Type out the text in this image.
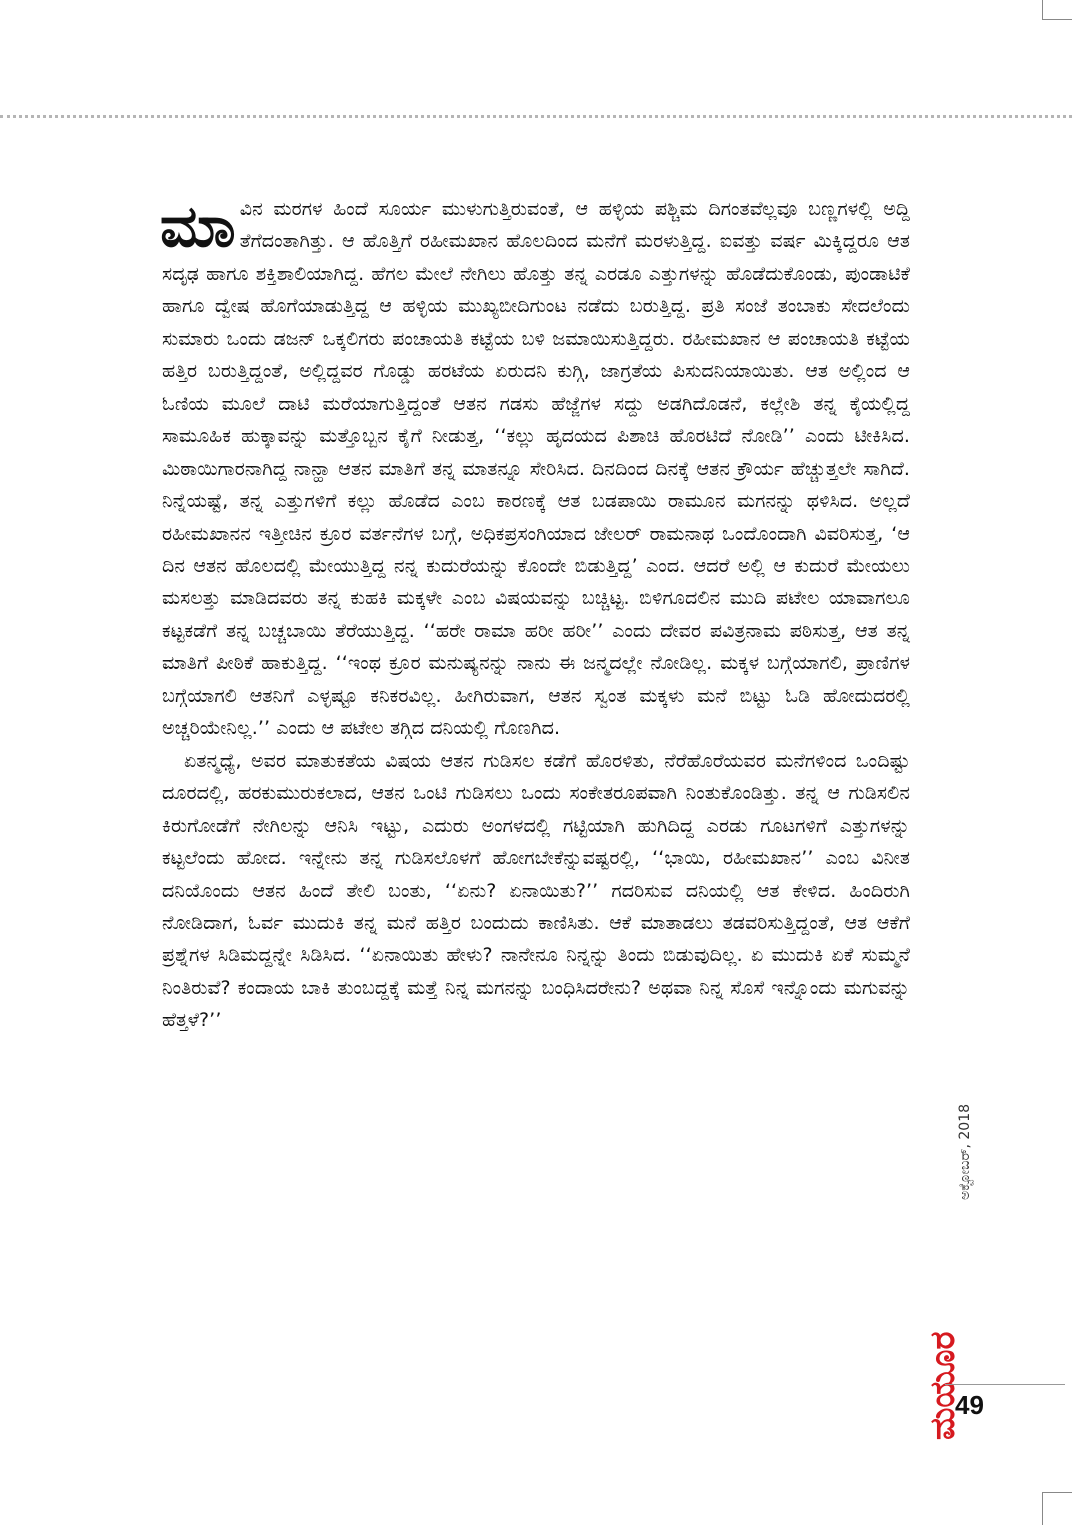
ಮಾ ವಿನ ಮರಗಳ ಹಿಂದೆ ಸೂರ್ಯ ಮುಳುಗುತ್ತಿರುವಂತೆ, ಆ ಹಳ್ಳಿಯ ಪಶ್ಚಿಮ ದಿಗಂತವೆಲ್ಲವೂ ಬಣ್ಣಗಳಲ್ಲಿ ಅದ್ದಿ ತೆಗೆದಂತಾಗಿತ್ತು. ಆ ಹೊತ್ತಿಗೆ ರಹೀಮಖಾನ ಹೊಲದಿಂದ ಮನೆಗೆ ಮರಳುತ್ತಿದ್ದ. ಐವತ್ತು ವರ್ಷ ಮಿಕ್ಕಿದ್ದರೂ ಆತ ಸದೃಢ ಹಾಗೂ ಶಕ್ತಿಶಾಲಿಯಾಗಿದ್ದ. ಹೆಗಲ ಮೇಲೆ ನೇಗಿಲು ಹೊತ್ತು ತನ್ನ ಎರಡೂ ಎತ್ತುಗಳನ್ನು ಹೊಡೆದುಕೊಂಡು, ಪುಂಡಾಟಿಕೆ ಹಾಗೂ ದ್ವೇಷ ಹೊಗೆಯಾಡುತ್ತಿದ್ದ ಆ ಹಳ್ಳಿಯ ಮುಖ್ಯಬೀದಿಗುಂಟ ನಡೆದು ಬರುತ್ತಿದ್ದ. ಪ್ರತಿ ಸಂಜೆ ತಂಬಾಕು ಸೇದಲೆಂದು ಸುಮಾರು ಒಂದು ಡಜನ್ ಒಕ್ಕಲಿಗರು ಪಂಚಾಯತಿ ಕಟ್ಟೆಯ ಬಳಿ ಜಮಾಯಿಸುತ್ತಿದ್ದರು. ರಹೀಮಖಾನ ಆ ಪಂಚಾಯತಿ ಕಟ್ಟೆಯ ಹತ್ತಿರ ಬರುತ್ತಿದ್ದಂತೆ, ಅಲ್ಲಿದ್ದವರ ಗೊಡ್ಡು ಹರಟೆಯ ಏರುದನಿ ಕುಗ್ಗಿ, ಜಾಗ್ರತೆಯ ಪಿಸುದನಿಯಾಯಿತು. ಆತ ಅಲ್ಲಿಂದ ಆ ಓಣಿಯ ಮೂಲೆ ದಾಟಿ ಮರೆಯಾಗುತ್ತಿದ್ದಂತೆ ಆತನ ಗಡಸು ಹೆಜ್ಜೆಗಳ ಸದ್ದು ಅಡಗಿದೊಡನೆ, ಕಲ್ಲೇಶಿ ತನ್ನ ಕೈಯಲ್ಲಿದ್ದ ಸಾಮೂಹಿಕ ಹುಕ್ಕಾವನ್ನು ಮತ್ತೊಬ್ಬನ ಕೈಗೆ ನೀಡುತ್ತ, ‘‘ಕಲ್ಲು ಹೃದಯದ ಪಿಶಾಚಿ ಹೊರಟಿದೆ ನೋಡಿ’’ ಎಂದು ಟೀಕಿಸಿದ. ಮಿಠಾಯಿಗಾರನಾಗಿದ್ದ ನಾನ್ಹಾ ಆತನ ಮಾತಿಗೆ ತನ್ನ ಮಾತನ್ನೂ ಸೇರಿಸಿದ. ದಿನದಿಂದ ದಿನಕ್ಕೆ ಆತನ ಕ್ರೌರ್ಯ ಹೆಚ್ಚುತ್ತಲೇ ಸಾಗಿದೆ. ನಿನ್ನೆಯಷ್ಟೆ, ತನ್ನ ಎತ್ತುಗಳಿಗೆ ಕಲ್ಲು ಹೊಡೆದ ಎಂಬ ಕಾರಣಕ್ಕೆ ಆತ ಬಡಪಾಯಿ ರಾಮೂನ ಮಗನನ್ನು ಥಳಿಸಿದ. ಅಲ್ಲದೆ ರಹೀಮಖಾನನ ಇತ್ತೀಚಿನ ಕ್ರೂರ ವರ್ತನೆಗಳ ಬಗ್ಗೆ, ಅಧಿಕಪ್ರಸಂಗಿಯಾದ ಜೇಲರ್ ರಾಮನಾಥ ಒಂದೊಂದಾಗಿ ವಿವರಿಸುತ್ತ, ‘ಆ ದಿನ ಆತನ ಹೊಲದಲ್ಲಿ ಮೇಯುತ್ತಿದ್ದ ನನ್ನ ಕುದುರೆಯನ್ನು ಕೊಂದೇ ಬಿಡುತ್ತಿದ್ದ’ ಎಂದ. ಆದರೆ ಅಲ್ಲಿ ಆ ಕುದುರೆ ಮೇಯಲು ಮಸಲತ್ತು ಮಾಡಿದವರು ತನ್ನ ಕುಹಕಿ ಮಕ್ಕಳೇ ಎಂಬ ವಿಷಯವನ್ನು ಬಚ್ಚಿಟ್ಟ. ಬಿಳಿಗೂದಲಿನ ಮುದಿ ಪಟೇಲ ಯಾವಾಗಲೂ ಕಟ್ಟಕಡೆಗೆ ತನ್ನ ಬಚ್ಚಬಾಯಿ ತೆರೆಯುತ್ತಿದ್ದ. ‘‘ಹರೇ ರಾಮಾ ಹರೀ ಹರೀ’’ ಎಂದು ದೇವರ ಪವಿತ್ರನಾಮ ಪಠಿಸುತ್ತ, ಆತ ತನ್ನ ಮಾತಿಗೆ ಪೀಠಿಕೆ ಹಾಕುತ್ತಿದ್ದ. ‘‘ಇಂಥ ಕ್ರೂರ ಮನುಷ್ಯನನ್ನು ನಾನು ಈ ಜನ್ಮದಲ್ಲೇ ನೋಡಿಲ್ಲ. ಮಕ್ಕಳ ಬಗ್ಗೆಯಾಗಲಿ, ಪ್ರಾಣಿಗಳ ಬಗ್ಗೆಯಾಗಲಿ ಆತನಿಗೆ ಎಳ್ಳಷ್ಟೂ ಕನಿಕರವಿಲ್ಲ. ಹೀಗಿರುವಾಗ, ಆತನ ಸ್ವಂತ ಮಕ್ಕಳು ಮನೆ ಬಿಟ್ಟು ಓಡಿ ಹೋದುದರಲ್ಲಿ ಅಚ್ಚರಿಯೇನಿಲ್ಲ.’’ ಎಂದು ಆ ಪಟೇಲ ತಗ್ಗಿದ ದನಿಯಲ್ಲಿ ಗೊಣಗಿದ.

ಏತನ್ಮಧ್ಯೆ, ಅವರ ಮಾತುಕತೆಯ ವಿಷಯ ಆತನ ಗುಡಿಸಲ ಕಡೆಗೆ ಹೊರಳಿತು, ನೆರೆಹೊರೆಯವರ ಮನೆಗಳಿಂದ ಒಂದಿಷ್ಟು ದೂರದಲ್ಲಿ, ಹರಕುಮುರುಕಲಾದ, ಆತನ ಒಂಟಿ ಗುಡಿಸಲು ಒಂದು ಸಂಕೇತರೂಪವಾಗಿ ನಿಂತುಕೊಂಡಿತ್ತು. ತನ್ನ ಆ ಗುಡಿಸಲಿನ ಕಿರುಗೋಡೆಗೆ ನೇಗಿಲನ್ನು ಆನಿಸಿ ಇಟ್ಟು, ಎದುರು ಅಂಗಳದಲ್ಲಿ ಗಟ್ಟಿಯಾಗಿ ಹುಗಿದಿದ್ದ ಎರಡು ಗೂಟಗಳಿಗೆ ಎತ್ತುಗಳನ್ನು ಕಟ್ಟಲೆಂದು ಹೋದ. ಇನ್ನೇನು ತನ್ನ ಗುಡಿಸಲೊಳಗೆ ಹೋಗಬೇಕೆನ್ನುವಷ್ಟರಲ್ಲಿ, ‘‘ಭಾಯಿ, ರಹೀಮಖಾನ’’ ಎಂಬ ವಿನೀತ ದನಿಯೊಂದು ಆತನ ಹಿಂದೆ ತೇಲಿ ಬಂತು, ‘‘ಏನು? ಏನಾಯಿತು?’’ ಗದರಿಸುವ ದನಿಯಲ್ಲಿ ಆತ ಕೇಳಿದ. ಹಿಂದಿರುಗಿ ನೋಡಿದಾಗ, ಓರ್ವ ಮುದುಕಿ ತನ್ನ ಮನೆ ಹತ್ತಿರ ಬಂದುದು ಕಾಣಿಸಿತು. ಆಕೆ ಮಾತಾಡಲು ತಡವರಿಸುತ್ತಿದ್ದಂತೆ, ಆತ ಆಕೆಗೆ ಪ್ರಶ್ನೆಗಳ ಸಿಡಿಮದ್ದನ್ನೇ ಸಿಡಿಸಿದ. ‘‘ಏನಾಯಿತು ಹೇಳು? ನಾನೇನೂ ನಿನ್ನನ್ನು ತಿಂದು ಬಿಡುವುದಿಲ್ಲ. ಏ ಮುದುಕಿ ಏಕೆ ಸುಮ್ಮನೆ ನಿಂತಿರುವೆ? ಕಂದಾಯ ಬಾಕಿ ತುಂಬದ್ದಕ್ಕೆ ಮತ್ತೆ ನಿನ್ನ ಮಗನನ್ನು ಬಂಧಿಸಿದರೇನು? ಅಥವಾ ನಿನ್ನ ಸೊಸೆ ಇನ್ನೊಂದು ಮಗುವನ್ನು ಹೆತ್ತಳೆ?’’

ಮಯೂರ
ಅಕ್ಟೋಬರ್, 2018
49
